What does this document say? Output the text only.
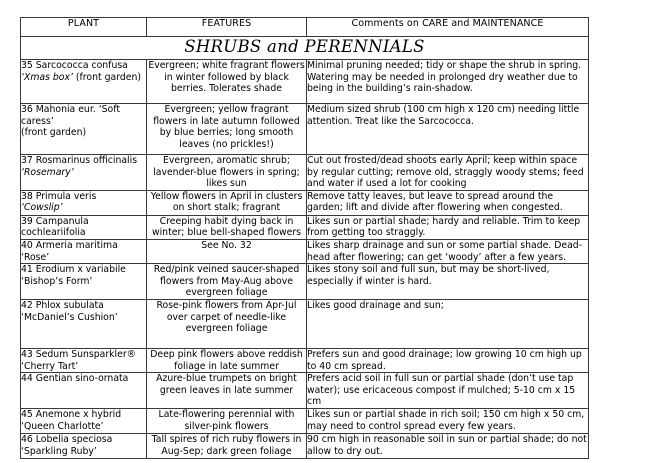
PLANT	FEATURES	Comments on CARE and MAINTENANCE
SHRUBS and PERENNIALS		

35 Sarcococca confusa
‘Xmas box’ (front garden)	Evergreen; white fragrant flowers in winter followed by black berries. Tolerates shade	Minimal pruning needed; tidy or shape the shrub in spring. Watering may be needed in prolonged dry weather due to being in the building’s rain-shadow.

36 Mahonia eur. ‘Soft
caress’
(front garden)	Evergreen; yellow fragrant flowers in late autumn followed by blue berries; long smooth leaves (no prickles!)	Medium sized shrub (100 cm high x 120 cm) needing little attention. Treat like the Sarcococca.

37 Rosmarinus officinalis
‘Rosemary’	Evergreen, aromatic shrub; lavender-blue flowers in spring; likes sun	Cut out frosted/dead shoots early April; keep within space by regular cutting; remove old, straggly woody stems; feed and water if used a lot for cooking

38 Primula veris
‘Cowslip’	Yellow flowers in April in clusters on short stalk; fragrant	Remove tatty leaves, but leave to spread around the garden; lift and divide after flowering when congested.

39 Campanula
cochleariifolia	Creeping habit dying back in winter; blue bell-shaped flowers	Likes sun or partial shade; hardy and reliable. Trim to keep from getting too straggly.

40 Armeria maritima
‘Rose’	See No. 32	Likes sharp drainage and sun or some partial shade. Dead-head after flowering; can get ‘woody’ after a few years.

41 Erodium x variabile
‘Bishop’s Form’	Red/pink veined saucer-shaped flowers from May-Aug above evergreen foliage	Likes stony soil and full sun, but may be short-lived, especially if winter is hard.

42 Phlox subulata
‘McDaniel’s Cushion’	Rose-pink flowers from Apr-Jul over carpet of needle-like evergreen foliage	Likes good drainage and sun;

43 Sedum Sunsparkler®
‘Cherry Tart’	Deep pink flowers above reddish foliage in late summer	Prefers sun and good drainage; low growing 10 cm high up to 40 cm spread.

44 Gentian sino-ornata	Azure-blue trumpets on bright green leaves in late summer	Prefers acid soil in full sun or partial shade (don’t use tap water); use ericaceous compost if mulched; 5-10 cm x 15 cm

45 Anemone x hybrid
‘Queen Charlotte’	Late-flowering perennial with silver-pink flowers	Likes sun or partial shade in rich soil; 150 cm high x 50 cm, may need to control spread every few years.

46 Lobelia speciosa
‘Sparkling Ruby’	Tall spires of rich ruby flowers in Aug-Sep; dark green foliage	90 cm high in reasonable soil in sun or partial shade; do not allow to dry out.
